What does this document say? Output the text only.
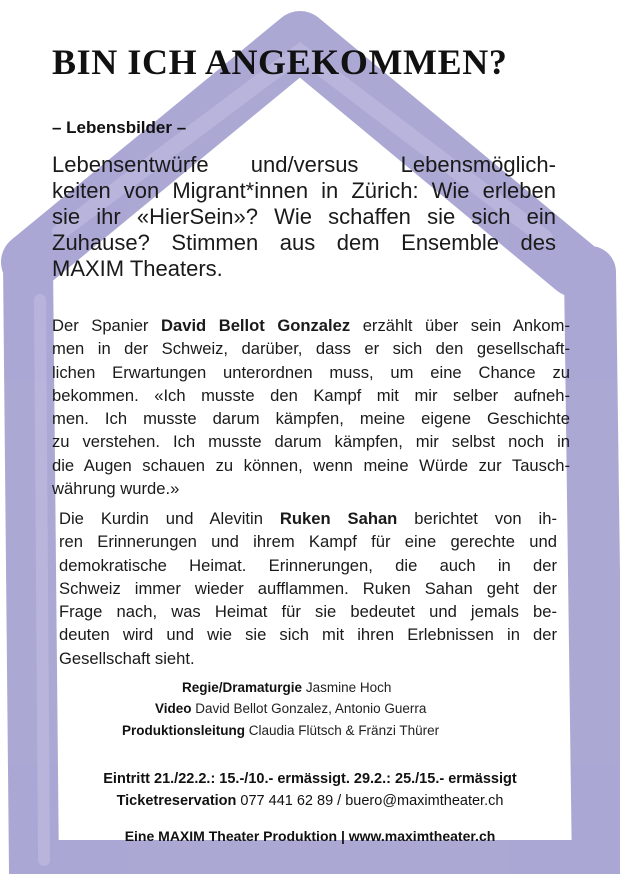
BIN ICH ANGEKOMMEN?
– Lebensbilder –

Lebensentwürfe und/versus Lebensmöglich-
keiten von Migrant*innen in Zürich: Wie erleben
sie ihr «HierSein»? Wie schaffen sie sich ein
Zuhause? Stimmen aus dem Ensemble des
MAXIM Theaters.

Der Spanier David Bellot Gonzalez erzählt über sein Ankom-
men in der Schweiz, darüber, dass er sich den gesellschaft-
lichen Erwartungen unterordnen muss, um eine Chance zu
bekommen. «Ich musste den Kampf mit mir selber aufneh-
men. Ich musste darum kämpfen, meine eigene Geschichte
zu verstehen. Ich musste darum kämpfen, mir selbst noch in
die Augen schauen zu können, wenn meine Würde zur Tausch-
währung wurde.»

Die Kurdin und Alevitin Ruken Sahan berichtet von ih-
ren Erinnerungen und ihrem Kampf für eine gerechte und
demokratische Heimat. Erinnerungen, die auch in der
Schweiz immer wieder aufflammen. Ruken Sahan geht der
Frage nach, was Heimat für sie bedeutet und jemals be-
deuten wird und wie sie sich mit ihren Erlebnissen in der
Gesellschaft sieht.

Regie/Dramaturgie Jasmine Hoch
Video David Bellot Gonzalez, Antonio Guerra
Produktionsleitung Claudia Flütsch & Fränzi Thürer
Eintritt 21./22.2.: 15.-/10.- ermässigt. 29.2.: 25./15.- ermässigt
Ticketreservation 077 441 62 89 / buero@maximtheater.ch
Eine MAXIM Theater Produktion | www.maximtheater.ch
